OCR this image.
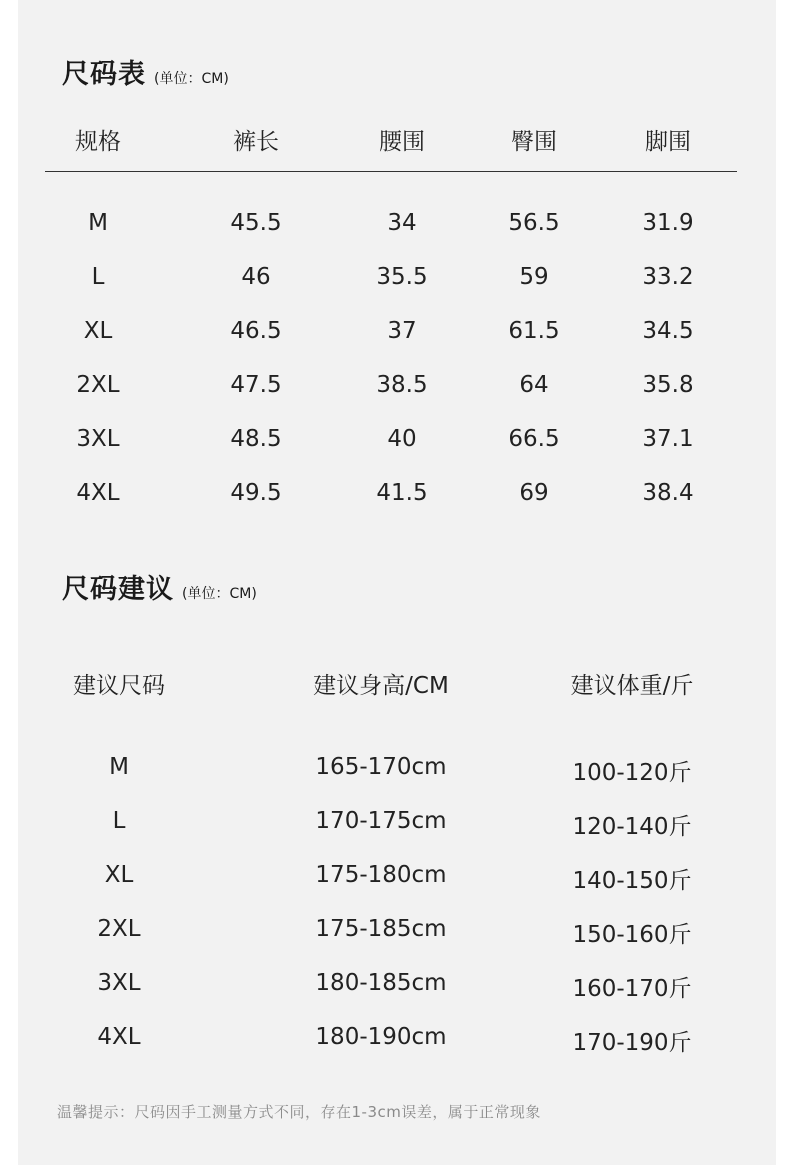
尺码表 (单位：CM)
规格	裤长	腰围	臀围	脚围
M	45.5	34	56.5	31.9
L	46	35.5	59	33.2
XL	46.5	37	61.5	34.5
2XL	47.5	38.5	64	35.8
3XL	48.5	40	66.5	37.1
4XL	49.5	41.5	69	38.4
尺码建议 (单位：CM)
建议尺码	建议身高/CM	建议体重/斤
M	165-170cm	100-120斤
L	170-175cm	120-140斤
XL	175-180cm	140-150斤
2XL	175-185cm	150-160斤
3XL	180-185cm	160-170斤
4XL	180-190cm	170-190斤
温馨提示：尺码因手工测量方式不同，存在1-3cm误差，属于正常现象
